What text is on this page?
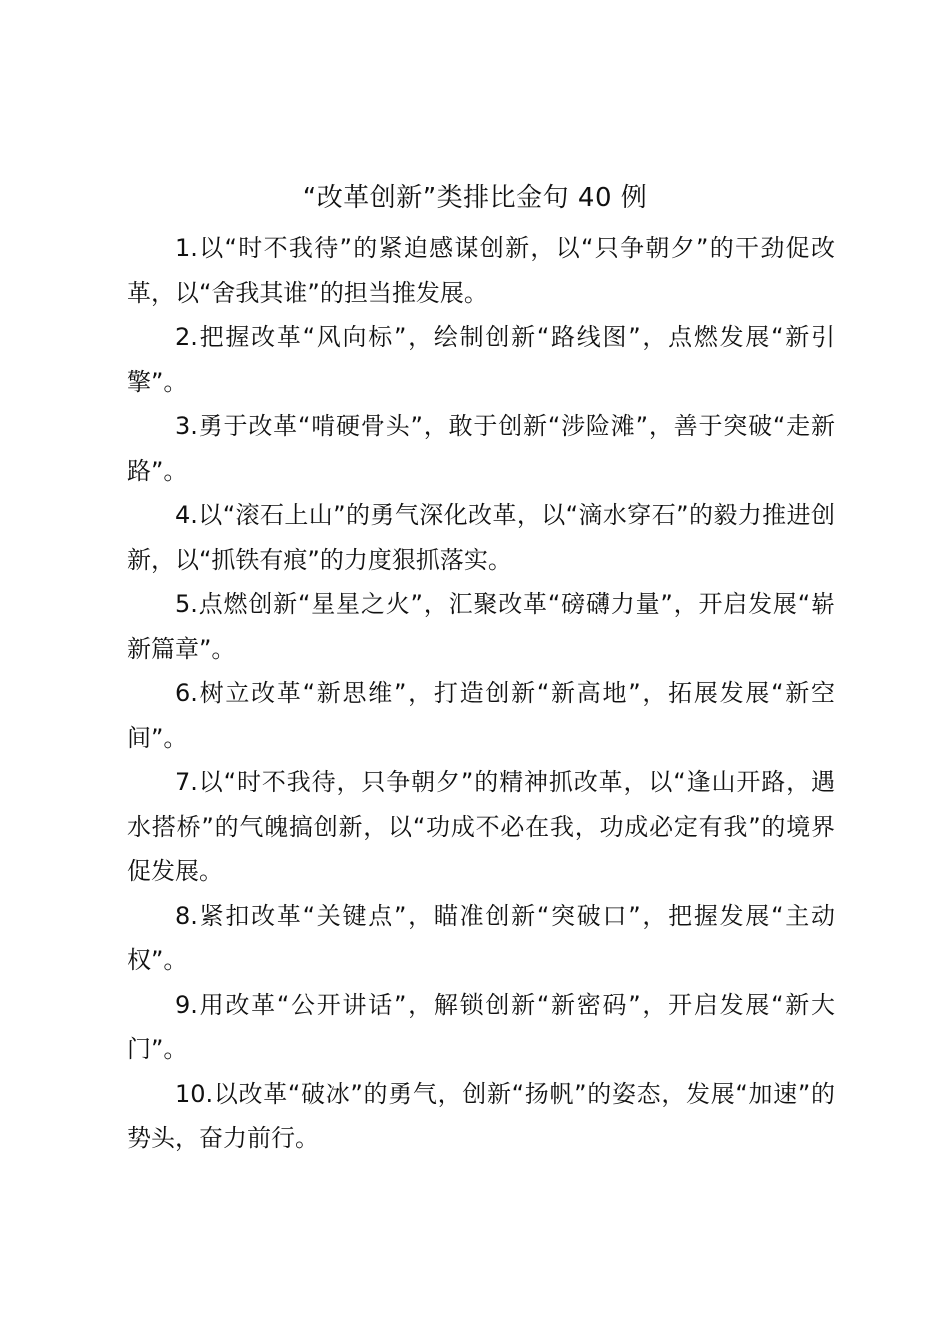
“改革创新”类排比金句 40 例

1.以“时不我待”的紧迫感谋创新，以“只争朝夕”的干劲促改革，以“舍我其谁”的担当推发展。

2.把握改革“风向标”，绘制创新“路线图”，点燃发展“新引擎”。

3.勇于改革“啃硬骨头”，敢于创新“涉险滩”，善于突破“走新路”。

4.以“滚石上山”的勇气深化改革，以“滴水穿石”的毅力推进创新，以“抓铁有痕”的力度狠抓落实。

5.点燃创新“星星之火”，汇聚改革“磅礴力量”，开启发展“崭新篇章”。

6.树立改革“新思维”，打造创新“新高地”，拓展发展“新空间”。

7.以“时不我待，只争朝夕”的精神抓改革，以“逢山开路，遇水搭桥”的气魄搞创新，以“功成不必在我，功成必定有我”的境界促发展。

8.紧扣改革“关键点”，瞄准创新“突破口”，把握发展“主动权”。

9.用改革“公开讲话”，解锁创新“新密码”，开启发展“新大门”。

10.以改革“破冰”的勇气，创新“扬帆”的姿态，发展“加速”的势头，奋力前行。
